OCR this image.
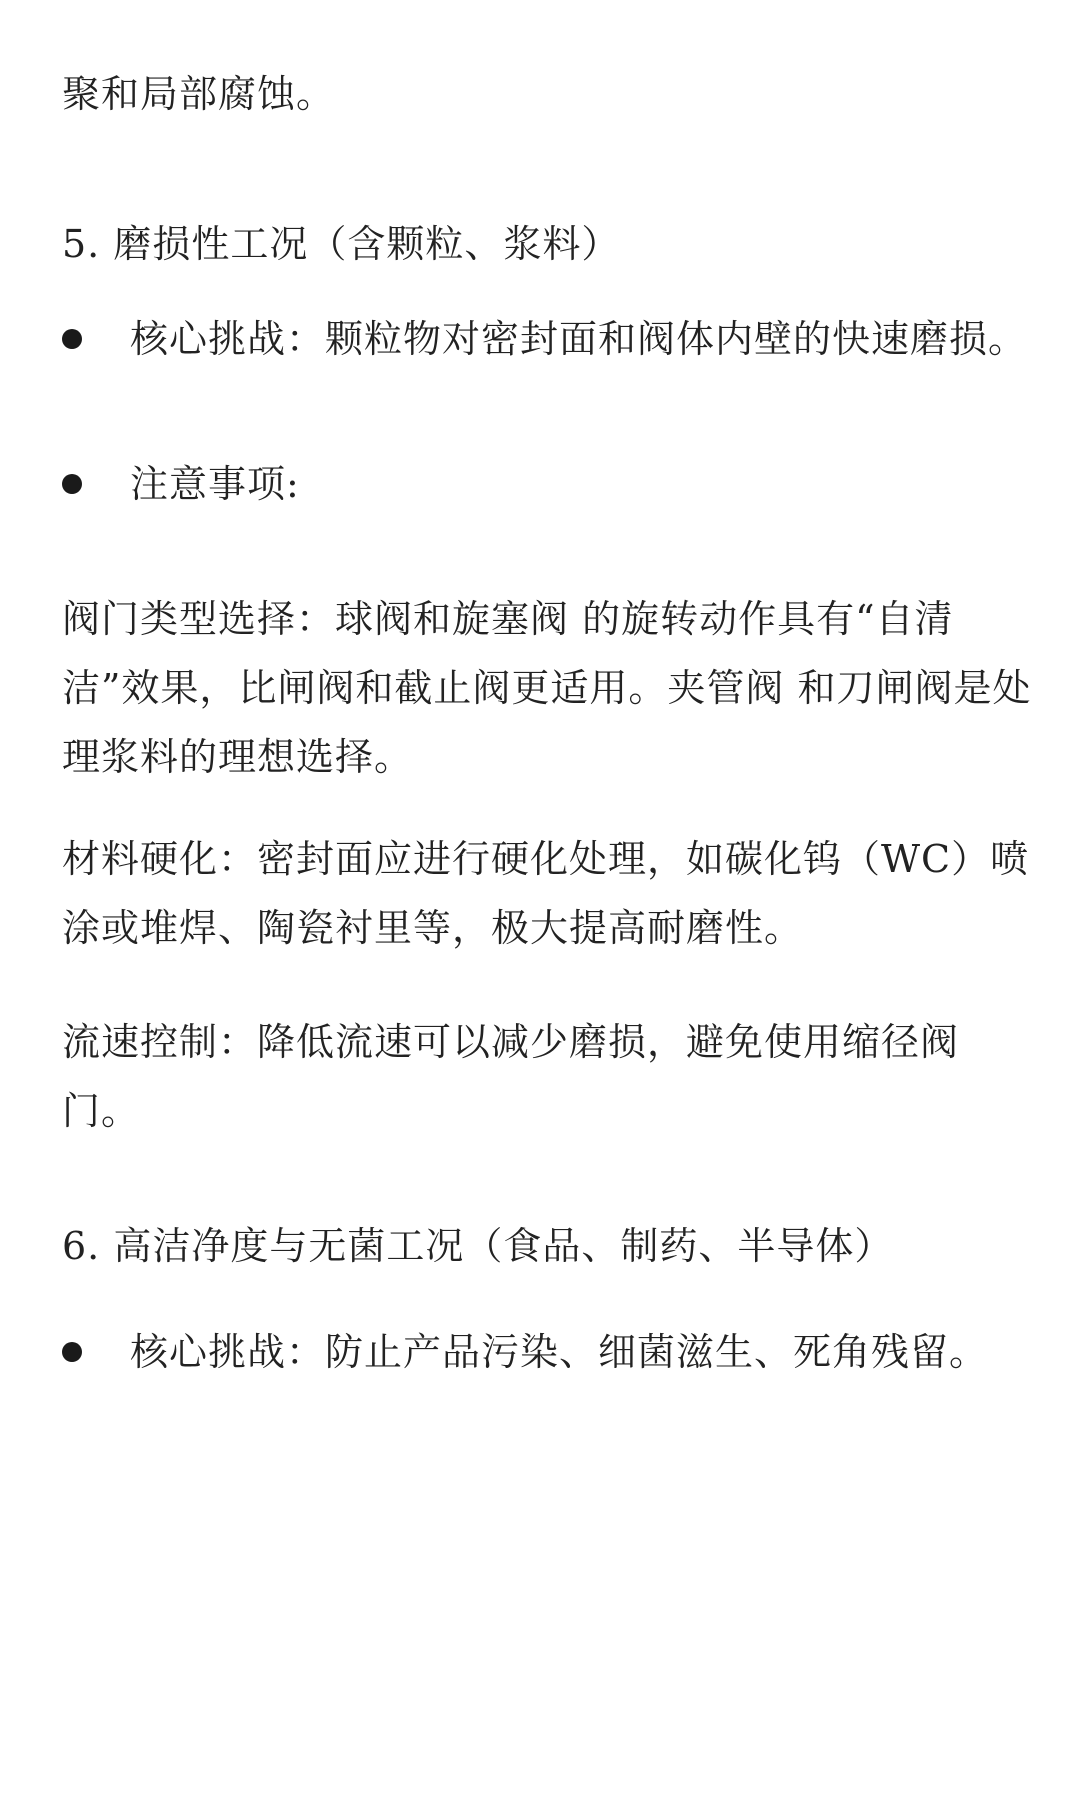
聚和局部腐蚀。

5. 磨损性工况（含颗粒、浆料）

核心挑战：颗粒物对密封面和阀体内壁的快速磨损。
注意事项:

阀门类型选择：球阀和旋塞阀 的旋转动作具有“自清洁”效果，比闸阀和截止阀更适用。夹管阀 和刀闸阀是处理浆料的理想选择。

材料硬化：密封面应进行硬化处理，如碳化钨（WC）喷涂或堆焊、陶瓷衬里等，极大提高耐磨性。

流速控制：降低流速可以减少磨损，避免使用缩径阀门。

6. 高洁净度与无菌工况（食品、制药、半导体）

核心挑战：防止产品污染、细菌滋生、死角残留。
